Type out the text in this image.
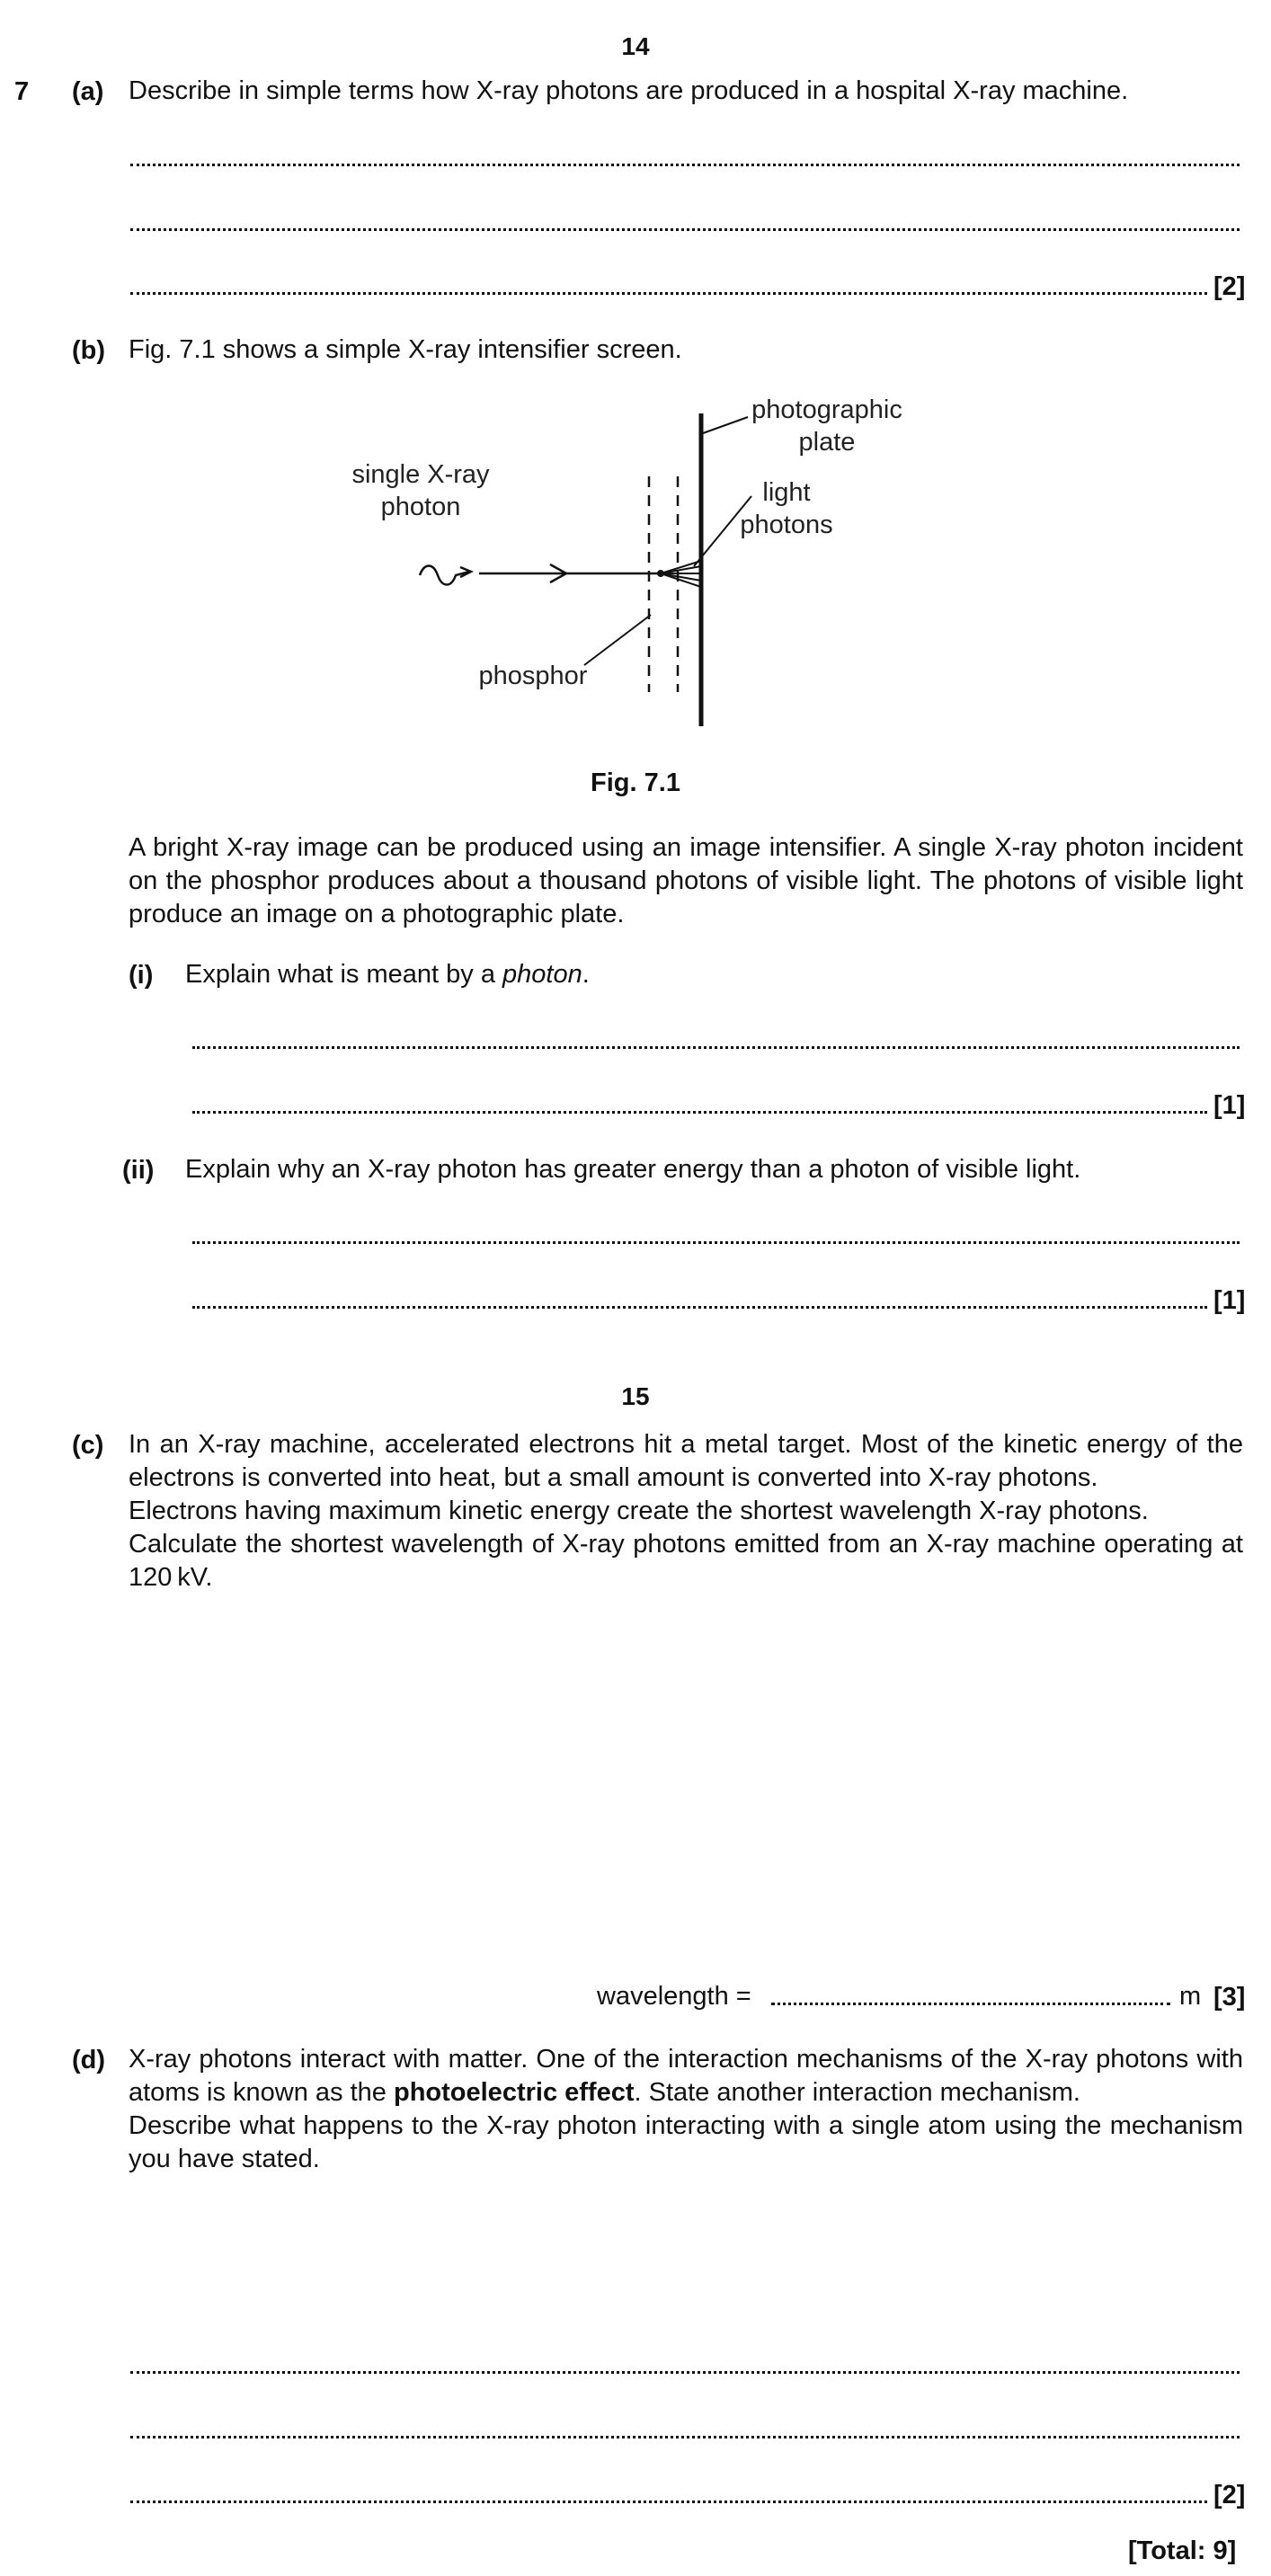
14
7 (a) Describe in simple terms how X-ray photons are produced in a hospital X-ray machine.
[2]
(b) Fig. 7.1 shows a simple X-ray intensifier screen.
photographic
plate
single X-ray
photon	light
photons
phosphor
Fig. 7.1
A bright X-ray image can be produced using an image intensifier. A single X-ray photon incident on the phosphor produces about a thousand photons of visible light. The photons of visible light produce an image on a photographic plate.
(i) Explain what is meant by a photon.
[1]
(ii) Explain why an X-ray photon has greater energy than a photon of visible light.
[1]
15
(c) In an X-ray machine, accelerated electrons hit a metal target. Most of the kinetic energy of the electrons is converted into heat, but a small amount is converted into X-ray photons.
Electrons having maximum kinetic energy create the shortest wavelength X-ray photons.
Calculate the shortest wavelength of X-ray photons emitted from an X-ray machine operating at 120 kV.
wavelength =	m [3]
(d) X-ray photons interact with matter. One of the interaction mechanisms of the X-ray photons with atoms is known as the photoelectric effect. State another interaction mechanism.
Describe what happens to the X-ray photon interacting with a single atom using the mechanism you have stated.
[2]
[Total: 9]
